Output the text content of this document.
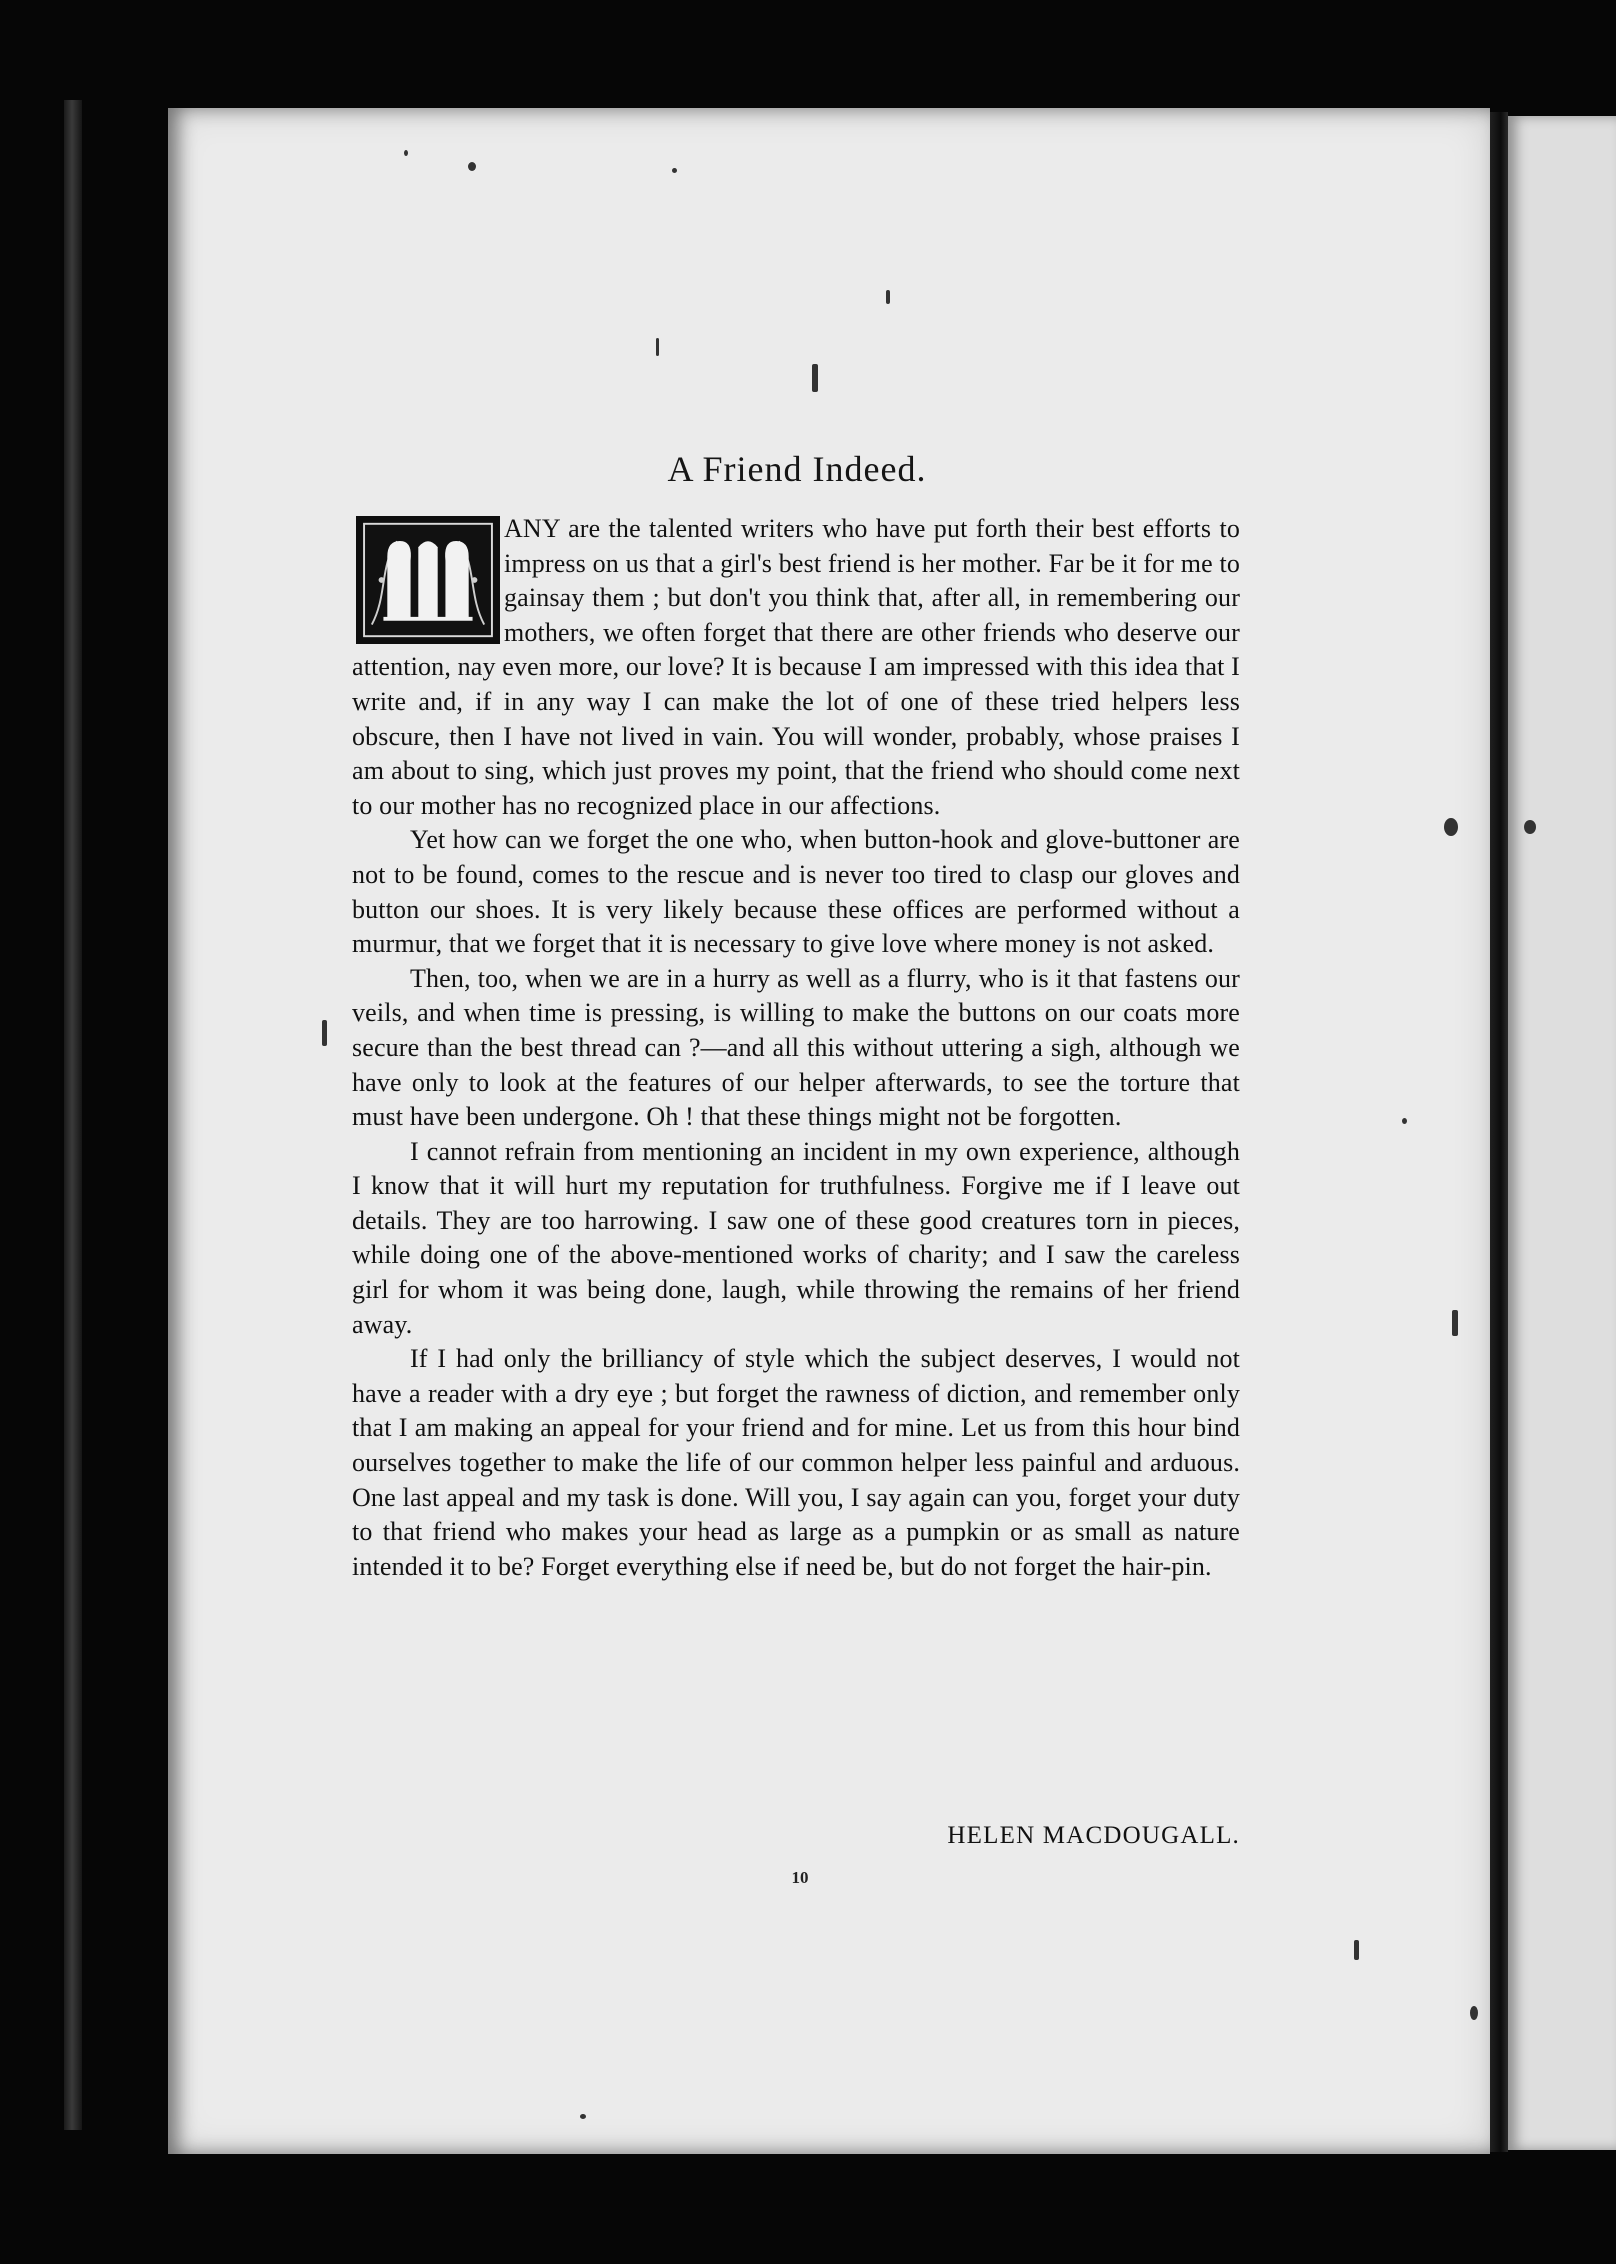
A Friend Indeed.

ANY are the talented writers who have put forth their best efforts to impress on us that a girl's best friend is her mother. Far be it for me to gainsay them ; but don't you think that, after all, in remembering our mothers, we often forget that there are other friends who deserve our attention, nay even more, our love? It is because I am impressed with this idea that I write and, if in any way I can make the lot of one of these tried helpers less obscure, then I have not lived in vain. You will wonder, probably, whose praises I am about to sing, which just proves my point, that the friend who should come next to our mother has no recognized place in our affections.

Yet how can we forget the one who, when button-hook and glove-buttoner are not to be found, comes to the rescue and is never too tired to clasp our gloves and button our shoes. It is very likely because these offices are performed without a murmur, that we forget that it is necessary to give love where money is not asked.

Then, too, when we are in a hurry as well as a flurry, who is it that fastens our veils, and when time is pressing, is willing to make the buttons on our coats more secure than the best thread can ?—and all this without uttering a sigh, although we have only to look at the features of our helper afterwards, to see the torture that must have been undergone. Oh ! that these things might not be forgotten.

I cannot refrain from mentioning an incident in my own experience, although I know that it will hurt my reputation for truthfulness. Forgive me if I leave out details. They are too harrowing. I saw one of these good creatures torn in pieces, while doing one of the above-mentioned works of charity; and I saw the careless girl for whom it was being done, laugh, while throwing the remains of her friend away.

If I had only the brilliancy of style which the subject deserves, I would not have a reader with a dry eye ; but forget the rawness of diction, and remember only that I am making an appeal for your friend and for mine. Let us from this hour bind ourselves together to make the life of our common helper less painful and arduous. One last appeal and my task is done. Will you, I say again can you, forget your duty to that friend who makes your head as large as a pumpkin or as small as nature intended it to be? Forget everything else if need be, but do not forget the hair-pin.

HELEN MACDOUGALL.
10
